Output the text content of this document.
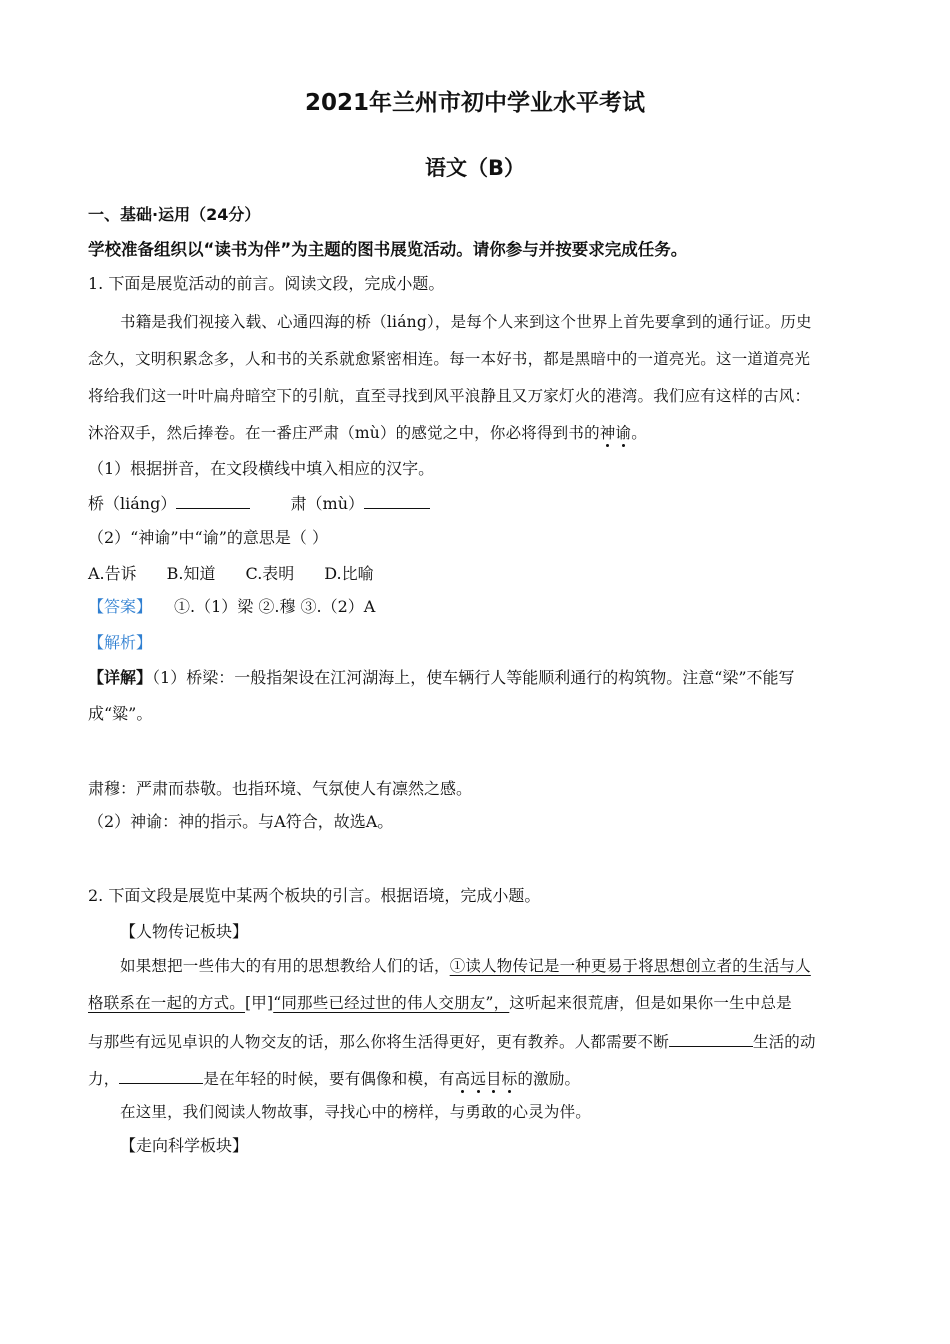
2021年兰州市初中学业水平考试
语文（B）
一、基础·运用（24分）
学校准备组织以“读书为伴”为主题的图书展览活动。请你参与并按要求完成任务。
1. 下面是展览活动的前言。阅读文段，完成小题。
书籍是我们视接入载、心通四海的桥（liáng），是每个人来到这个世界上首先要拿到的通行证。历史
念久，文明积累念多，人和书的关系就愈紧密相连。每一本好书，都是黑暗中的一道亮光。这一道道亮光
将给我们这一叶叶扁舟暗空下的引航，直至寻找到风平浪静且又万家灯火的港湾。我们应有这样的古风：
沐浴双手，然后捧卷。在一番庄严肃（mù）的感觉之中，你必将得到书的神谕。
（1）根据拼音，在文段横线中填入相应的汉字。
桥（liáng）	肃（mù）
（2）“神谕”中“谕”的意思是（ ）
A.告诉 B.知道 C.表明 D.比喻
【答案】 ①.（1）梁 ②.穆 ③.（2）A
【解析】
【详解】（1）桥梁：一般指架设在江河湖海上，使车辆行人等能顺利通行的构筑物。注意“梁”不能写
成“粱”。
肃穆：严肃而恭敬。也指环境、气氛使人有凛然之感。
（2）神谕：神的指示。与A符合，故选A。
2. 下面文段是展览中某两个板块的引言。根据语境，完成小题。
【人物传记板块】
如果想把一些伟大的有用的思想教给人们的话，①读人物传记是一种更易于将思想创立者的生活与人
格联系在一起的方式。[甲]“同那些已经过世的伟人交朋友”，这听起来很荒唐，但是如果你一生中总是
与那些有远见卓识的人物交友的话，那么你将生活得更好，更有教养。人都需要不断	生活的动
力，	是在年轻的时候，要有偶像和模，有高远目标的激励。
在这里，我们阅读人物故事，寻找心中的榜样，与勇敢的心灵为伴。
【走向科学板块】
